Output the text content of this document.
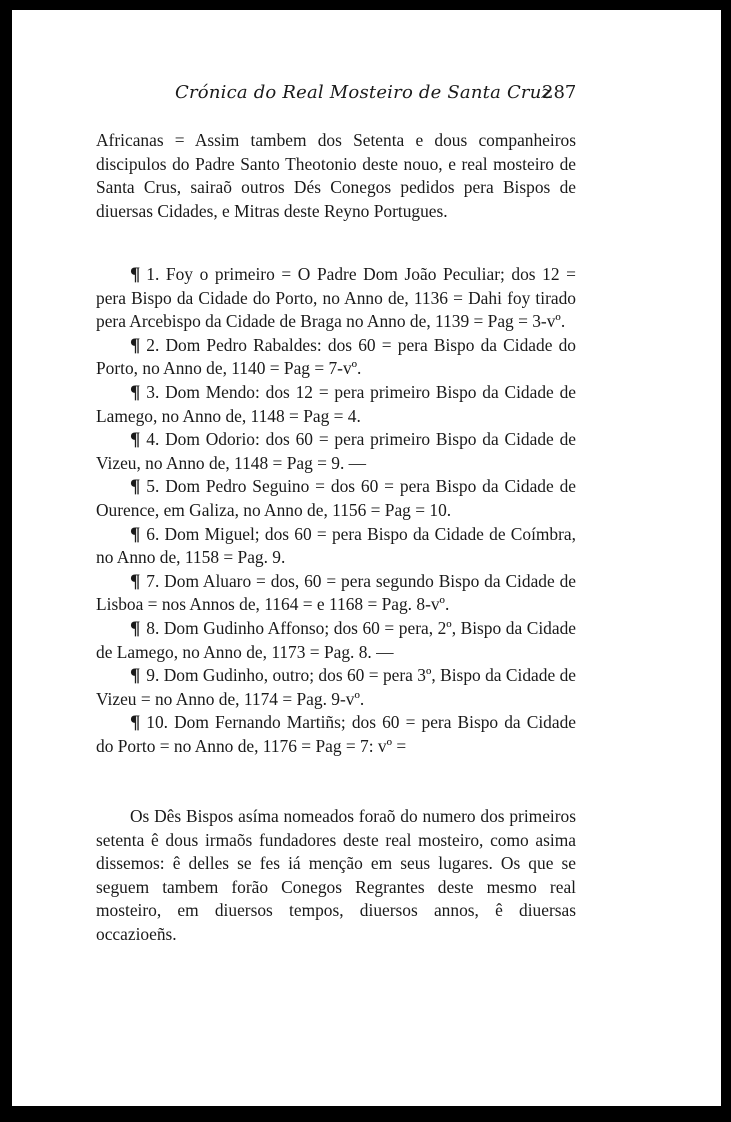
Crónica do Real Mosteiro de Santa Cruz
287

Africanas = Assim tambem dos Setenta e dous companheiros discipulos do Padre Santo Theotonio deste nouo, e real mosteiro de Santa Crus, sairaõ outros Dés Conegos pedidos pera Bispos de diuersas Cidades, e Mitras deste Reyno Portugues.

¶ 1. Foy o primeiro = O Padre Dom João Peculiar; dos 12 = pera Bispo da Cidade do Porto, no Anno de, 1136 = Dahi foy tirado pera Arcebispo da Cidade de Braga no Anno de, 1139 = Pag = 3-vº.

¶ 2. Dom Pedro Rabaldes: dos 60 = pera Bispo da Cidade do Porto, no Anno de, 1140 = Pag = 7-vº.

¶ 3. Dom Mendo: dos 12 = pera primeiro Bispo da Cidade de Lamego, no Anno de, 1148 = Pag = 4.

¶ 4. Dom Odorio: dos 60 = pera primeiro Bispo da Cidade de Vizeu, no Anno de, 1148 = Pag = 9. —

¶ 5. Dom Pedro Seguino = dos 60 = pera Bispo da Cidade de Ourence, em Galiza, no Anno de, 1156 = Pag = 10.

¶ 6. Dom Miguel; dos 60 = pera Bispo da Cidade de Coímbra, no Anno de, 1158 = Pag. 9.

¶ 7. Dom Aluaro = dos, 60 = pera segundo Bispo da Cidade de Lisboa = nos Annos de, 1164 = e 1168 = Pag. 8-vº.

¶ 8. Dom Gudinho Affonso; dos 60 = pera, 2º, Bispo da Cidade de Lamego, no Anno de, 1173 = Pag. 8. —

¶ 9. Dom Gudinho, outro; dos 60 = pera 3º, Bispo da Cidade de Vizeu = no Anno de, 1174 = Pag. 9-vº.

¶ 10. Dom Fernando Martiñs; dos 60 = pera Bispo da Cidade do Porto = no Anno de, 1176 = Pag = 7: vº =

Os Dês Bispos asíma nomeados foraõ do numero dos primeiros setenta ê dous irmaõs fundadores deste real mosteiro, como asima dissemos: ê delles se fes iá menção em seus lugares. Os que se seguem tambem forão Conegos Regrantes deste mesmo real mosteiro, em diuersos tempos, diuersos annos, ê diuersas occazioeñs.
